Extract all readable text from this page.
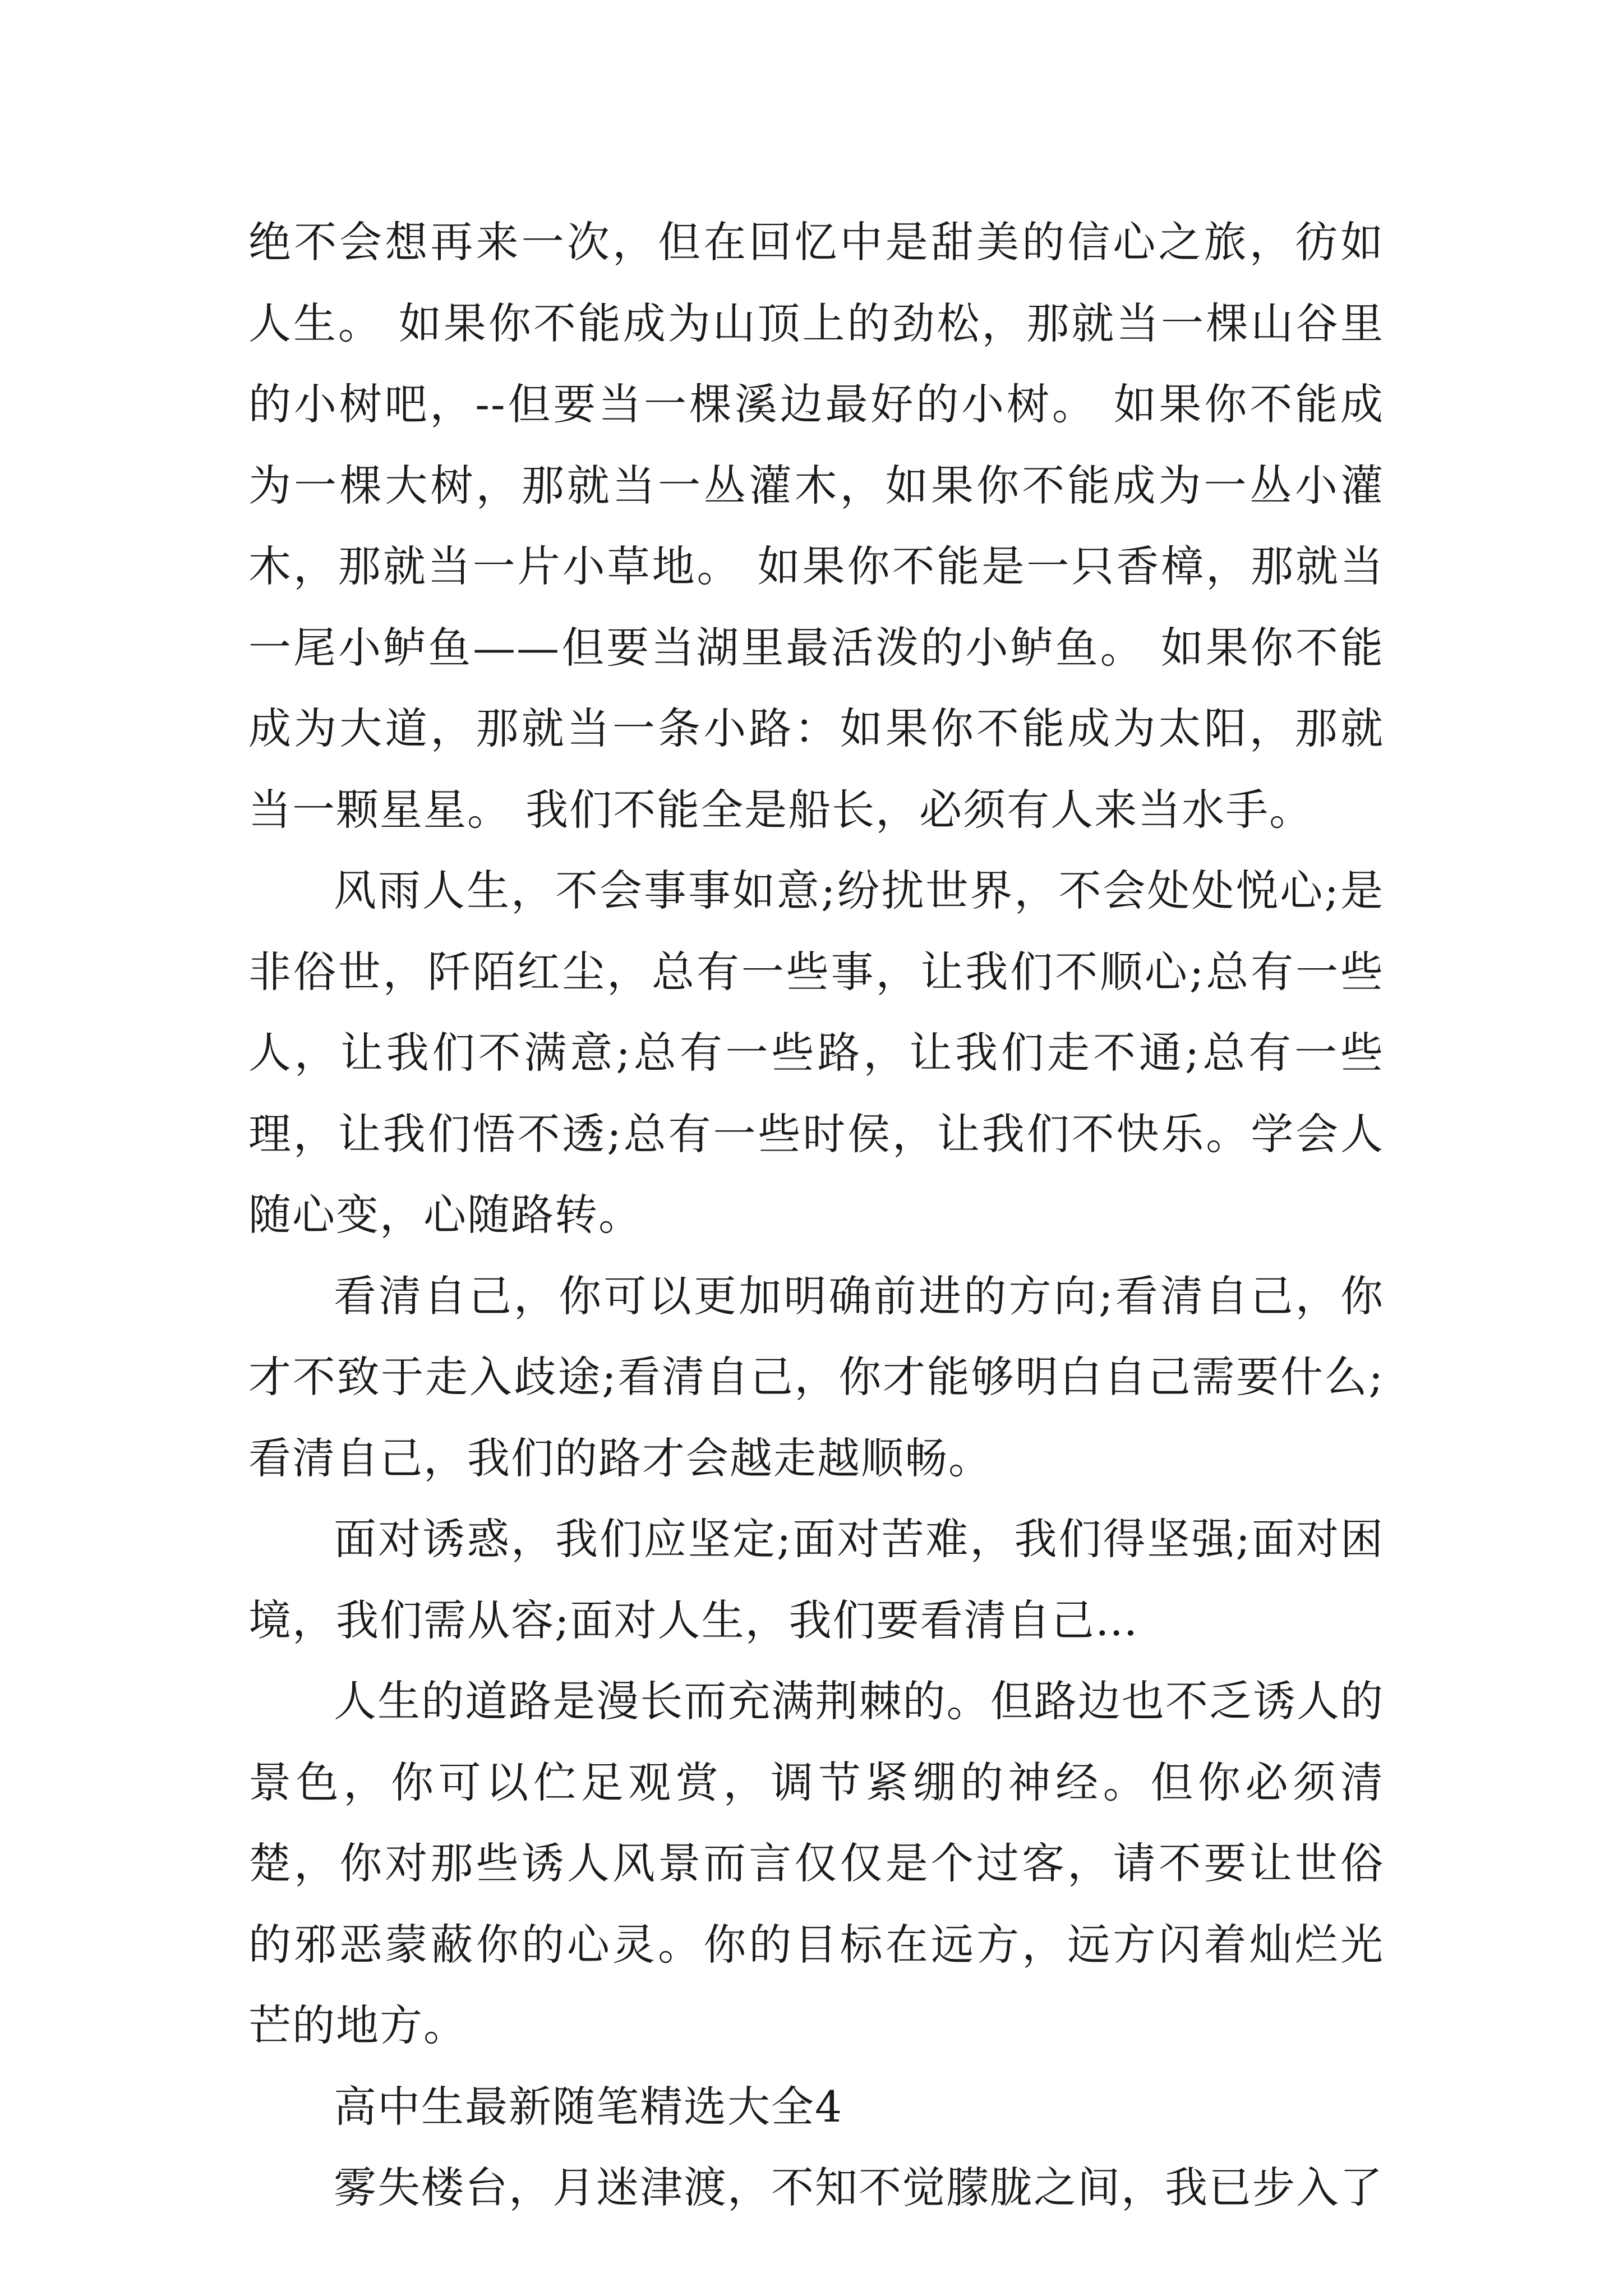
绝不会想再来一次，但在回忆中是甜美的信心之旅，彷如人生。 如果你不能成为山顶上的劲松，那就当一棵山谷里的小树吧，--但要当一棵溪边最好的小树。 如果你不能成为一棵大树，那就当一丛灌木，如果你不能成为一丛小灌木，那就当一片小草地。 如果你不能是一只香樟，那就当一尾小鲈鱼——但要当湖里最活泼的小鲈鱼。 如果你不能成为大道，那就当一条小路：如果你不能成为太阳，那就当一颗星星。 我们不能全是船长，必须有人来当水手。

风雨人生，不会事事如意;纷扰世界，不会处处悦心;是非俗世，阡陌红尘，总有一些事，让我们不顺心;总有一些人，让我们不满意;总有一些路，让我们走不通;总有一些理，让我们悟不透;总有一些时侯，让我们不快乐。学会人随心变，心随路转。

看清自己，你可以更加明确前进的方向;看清自己，你才不致于走入歧途;看清自己，你才能够明白自己需要什么;看清自己，我们的路才会越走越顺畅。

面对诱惑，我们应坚定;面对苦难，我们得坚强;面对困境，我们需从容;面对人生，我们要看清自己…

人生的道路是漫长而充满荆棘的。但路边也不乏诱人的景色，你可以伫足观赏，调节紧绷的神经。但你必须清楚，你对那些诱人风景而言仅仅是个过客，请不要让世俗的邪恶蒙蔽你的心灵。你的目标在远方，远方闪着灿烂光芒的地方。

高中生最新随笔精选大全4

雾失楼台，月迷津渡，不知不觉朦胧之间，我已步入了
